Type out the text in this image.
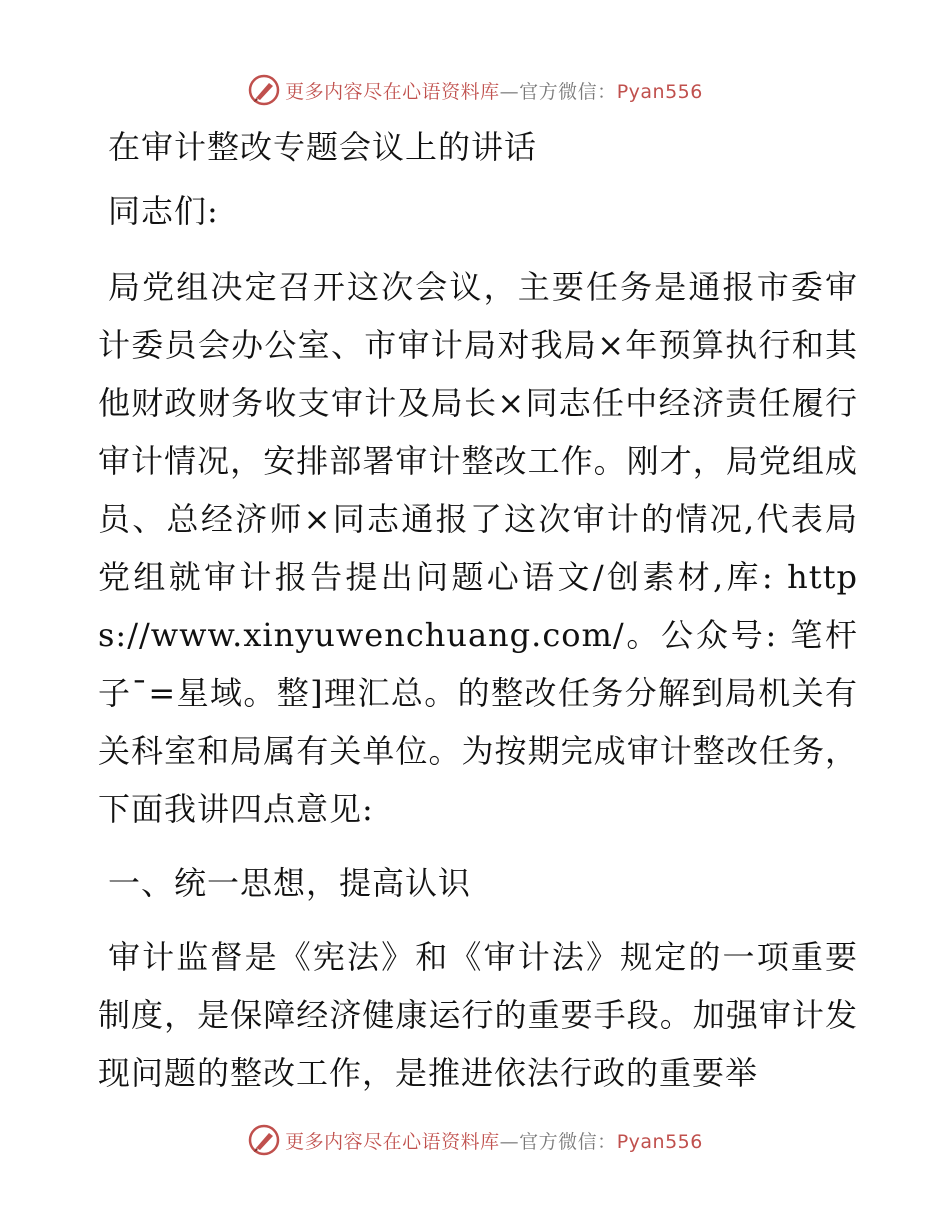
更多内容尽在心语资料库—官方微信：Pyan556

在审计整改专题会议上的讲话

同志们:

局党组决定召开这次会议，主要任务是通报市委审计委员会办公室、市审计局对我局×年预算执行和其他财政财务收支审计及局长×同志任中经济责任履行审计情况，安排部署审计整改工作。刚才，局党组成员、总经济师×同志通报了这次审计的情况,代表局党组就审计报告提出问题心语文/创素材,库: https://www.xinyuwenchuang.com/。公众号: 笔杆子¯=星域。整]理汇总。的整改任务分解到局机关有关科室和局属有关单位。为按期完成审计整改任务，下面我讲四点意见:

一、统一思想，提高认识

审计监督是《宪法》和《审计法》规定的一项重要制度，是保障经济健康运行的重要手段。加强审计发现问题的整改工作，是推进依法行政的重要举

更多内容尽在心语资料库—官方微信：Pyan556
